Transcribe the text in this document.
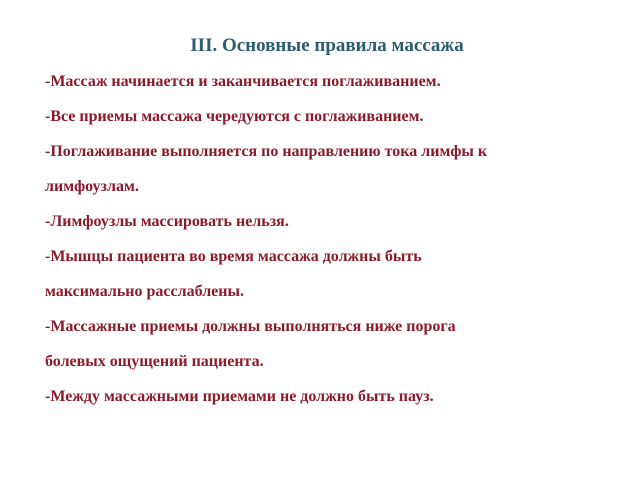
III. Основные правила массажа
-Массаж начинается и заканчивается поглаживанием.
-Все приемы массажа чередуются с поглаживанием.
-Поглаживание выполняется по направлению тока лимфы к
лимфоузлам.
-Лимфоузлы массировать нельзя.
-Мышцы пациента во время массажа должны быть
максимально расслаблены.
-Массажные приемы должны выполняться ниже порога
болевых ощущений пациента.
-Между массажными приемами не должно быть пауз.
